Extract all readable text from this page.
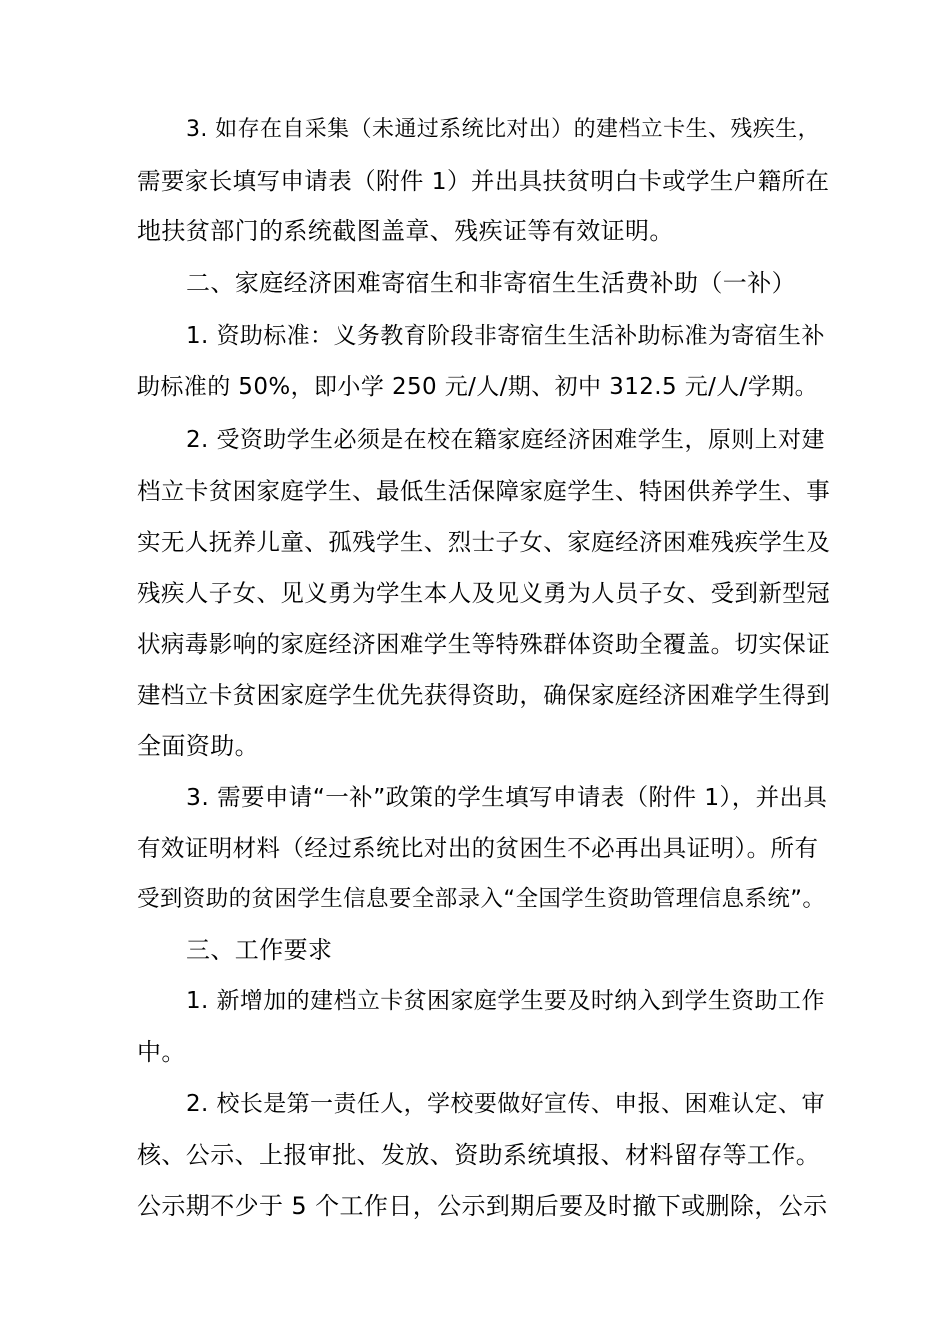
3. 如存在自采集（未通过系统比对出）的建档立卡生、残疾生，
需要家长填写申请表（附件 1）并出具扶贫明白卡或学生户籍所在
地扶贫部门的系统截图盖章、残疾证等有效证明。
二、家庭经济困难寄宿生和非寄宿生生活费补助（一补）
1. 资助标准：义务教育阶段非寄宿生生活补助标准为寄宿生补
助标准的 50%，即小学 250 元/人/期、初中 312.5 元/人/学期。
2. 受资助学生必须是在校在籍家庭经济困难学生，原则上对建
档立卡贫困家庭学生、最低生活保障家庭学生、特困供养学生、事
实无人抚养儿童、孤残学生、烈士子女、家庭经济困难残疾学生及
残疾人子女、见义勇为学生本人及见义勇为人员子女、受到新型冠
状病毒影响的家庭经济困难学生等特殊群体资助全覆盖。切实保证
建档立卡贫困家庭学生优先获得资助，确保家庭经济困难学生得到
全面资助。
3. 需要申请“一补”政策的学生填写申请表（附件 1），并出具
有效证明材料（经过系统比对出的贫困生不必再出具证明）。所有
受到资助的贫困学生信息要全部录入“全国学生资助管理信息系统”。
三、工作要求
1. 新增加的建档立卡贫困家庭学生要及时纳入到学生资助工作
中。
2. 校长是第一责任人，学校要做好宣传、申报、困难认定、审
核、公示、上报审批、发放、资助系统填报、材料留存等工作。
公示期不少于 5 个工作日，公示到期后要及时撤下或删除，公示
